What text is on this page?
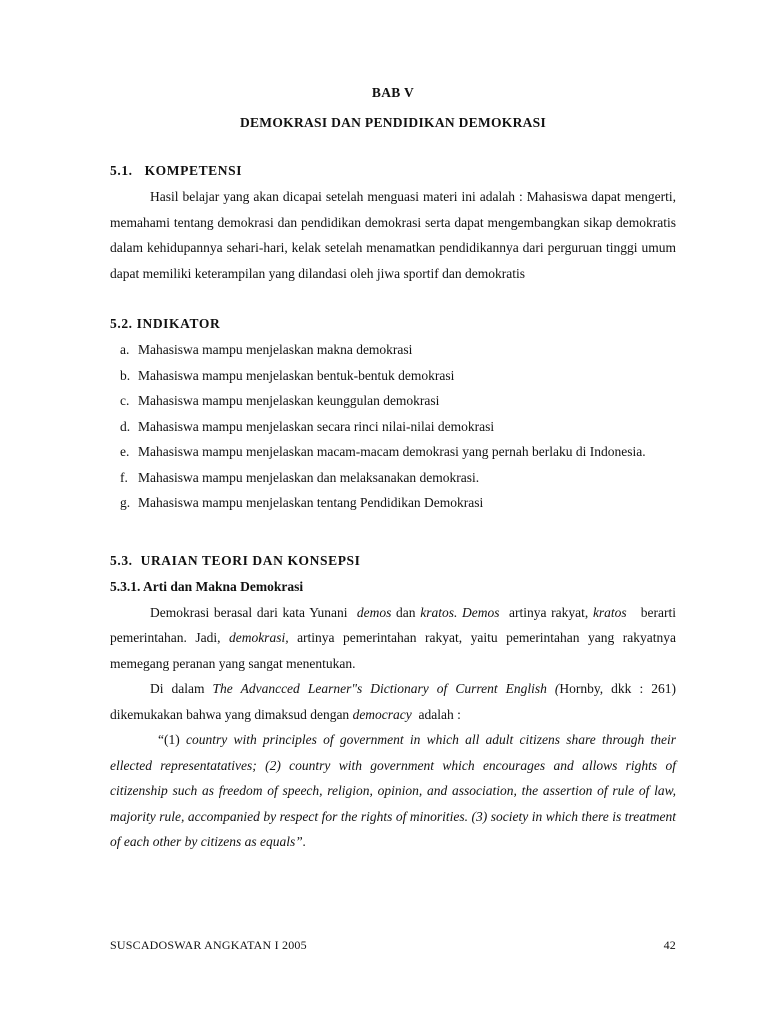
BAB V
DEMOKRASI DAN PENDIDIKAN DEMOKRASI
5.1.   KOMPETENSI

Hasil belajar yang akan dicapai setelah menguasi materi ini adalah : Mahasiswa dapat mengerti, memahami tentang demokrasi dan pendidikan demokrasi serta dapat mengembangkan sikap demokratis dalam kehidupannya sehari-hari, kelak setelah menamatkan pendidikannya dari perguruan tinggi umum dapat memiliki keterampilan yang dilandasi oleh jiwa sportif dan demokratis

5.2. INDIKATOR
a. Mahasiswa mampu menjelaskan makna demokrasi
b. Mahasiswa mampu menjelaskan bentuk-bentuk demokrasi
c. Mahasiswa mampu menjelaskan keunggulan demokrasi
d. Mahasiswa mampu menjelaskan secara rinci nilai-nilai demokrasi
e. Mahasiswa mampu menjelaskan macam-macam demokrasi yang pernah berlaku di Indonesia.
f. Mahasiswa mampu menjelaskan dan melaksanakan demokrasi.
g. Mahasiswa mampu menjelaskan tentang Pendidikan Demokrasi
5.3.  URAIAN TEORI DAN KONSEPSI
5.3.1. Arti dan Makna Demokrasi

Demokrasi berasal dari kata Yunani  demos dan kratos. Demos  artinya rakyat, kratos   berarti pemerintahan. Jadi, demokrasi, artinya pemerintahan rakyat, yaitu pemerintahan yang rakyatnya memegang peranan yang sangat menentukan.

Di dalam The Advancced Learner"s Dictionary of Current English (Hornby, dkk : 261) dikemukakan bahwa yang dimaksud dengan democracy  adalah :

“(1) country with principles of government in which all adult citizens share through their ellected representatatives; (2) country with government which encourages and allows rights of citizenship such as freedom of speech, religion, opinion, and association, the assertion of rule of law, majority rule, accompanied by respect for the rights of minorities. (3) society in which there is treatment of each other by citizens as equals”.

SUSCADOSWAR ANGKATAN I 2005	42
